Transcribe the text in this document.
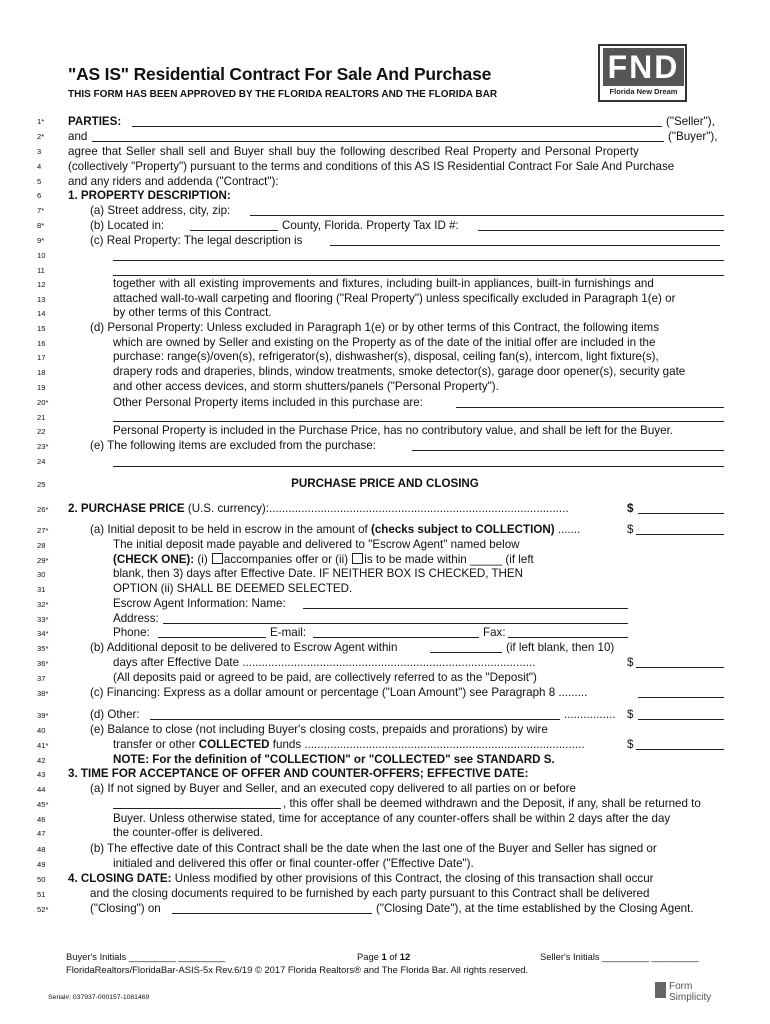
"AS IS" Residential Contract For Sale And Purchase
THIS FORM HAS BEEN APPROVED BY THE FLORIDA REALTORS AND THE FLORIDA BAR
FND
Florida New Dream
1*
2*
3
4
5
6
7*
8*
9*
10
11
12
13
14
15
16
17
18
19
20*
21
22
23*
24
25
26*
27*
28
29*
30
31
32*
33*
34*
35*
36*
37
38*
39*
40
41*
42
43
44
45*
46
47
48
49
50
51
52*
PARTIES:	("Seller"),
and	("Buyer"),
agree that Seller shall sell and Buyer shall buy the following described Real Property and Personal Property
(collectively "Property") pursuant to the terms and conditions of this AS IS Residential Contract For Sale And Purchase
and any riders and addenda ("Contract"):
1. PROPERTY DESCRIPTION:
(a) Street address, city, zip:
(b) Located in:	County, Florida. Property Tax ID #:
(c) Real Property: The legal description is
together with all existing improvements and fixtures, including built-in appliances, built-in furnishings and
attached wall-to-wall carpeting and flooring ("Real Property") unless specifically excluded in Paragraph 1(e) or
by other terms of this Contract.
(d) Personal Property: Unless excluded in Paragraph 1(e) or by other terms of this Contract, the following items
which are owned by Seller and existing on the Property as of the date of the initial offer are included in the
purchase: range(s)/oven(s), refrigerator(s), dishwasher(s), disposal, ceiling fan(s), intercom, light fixture(s),
drapery rods and draperies, blinds, window treatments, smoke detector(s), garage door opener(s), security gate
and other access devices, and storm shutters/panels ("Personal Property").
Other Personal Property items included in this purchase are:
Personal Property is included in the Purchase Price, has no contributory value, and shall be left for the Buyer.
(e) The following items are excluded from the purchase:
PURCHASE PRICE AND CLOSING
2. PURCHASE PRICE (U.S. currency):.............................................................................................	$
(a) Initial deposit to be held in escrow in the amount of (checks subject to COLLECTION) .......	$
The initial deposit made payable and delivered to "Escrow Agent" named below
(CHECK ONE): (i) accompanies offer or (ii) is to be made within _____ (if left
blank, then 3) days after Effective Date. IF NEITHER BOX IS CHECKED, THEN
OPTION (ii) SHALL BE DEEMED SELECTED.
Escrow Agent Information: Name:
Address:
Phone:	E-mail:	Fax:
(b) Additional deposit to be delivered to Escrow Agent within	(if left blank, then 10)
days after Effective Date ...........................................................................................	$
(All deposits paid or agreed to be paid, are collectively referred to as the "Deposit")
(c) Financing: Express as a dollar amount or percentage ("Loan Amount") see Paragraph 8 .........
(d) Other:	................ $
(e) Balance to close (not including Buyer's closing costs, prepaids and prorations) by wire
transfer or other COLLECTED funds .......................................................................................	$
NOTE: For the definition of "COLLECTION" or "COLLECTED" see STANDARD S.
3. TIME FOR ACCEPTANCE OF OFFER AND COUNTER-OFFERS; EFFECTIVE DATE:
(a) If not signed by Buyer and Seller, and an executed copy delivered to all parties on or before
, this offer shall be deemed withdrawn and the Deposit, if any, shall be returned to
Buyer. Unless otherwise stated, time for acceptance of any counter-offers shall be within 2 days after the day
the counter-offer is delivered.
(b) The effective date of this Contract shall be the date when the last one of the Buyer and Seller has signed or
initialed and delivered this offer or final counter-offer ("Effective Date").
4. CLOSING DATE: Unless modified by other provisions of this Contract, the closing of this transaction shall occur
and the closing documents required to be furnished by each party pursuant to this Contract shall be delivered
("Closing") on	("Closing Date"), at the time established by the Closing Agent.
Buyer's Initials _________ _________	Page 1 of 12	Seller's Initials _________ _________
FloridaRealtors/FloridaBar-ASIS-5x Rev.6/19 © 2017 Florida Realtors® and The Florida Bar. All rights reserved.
Serial#: 037937-000157-1081469
Form
Simplicity
